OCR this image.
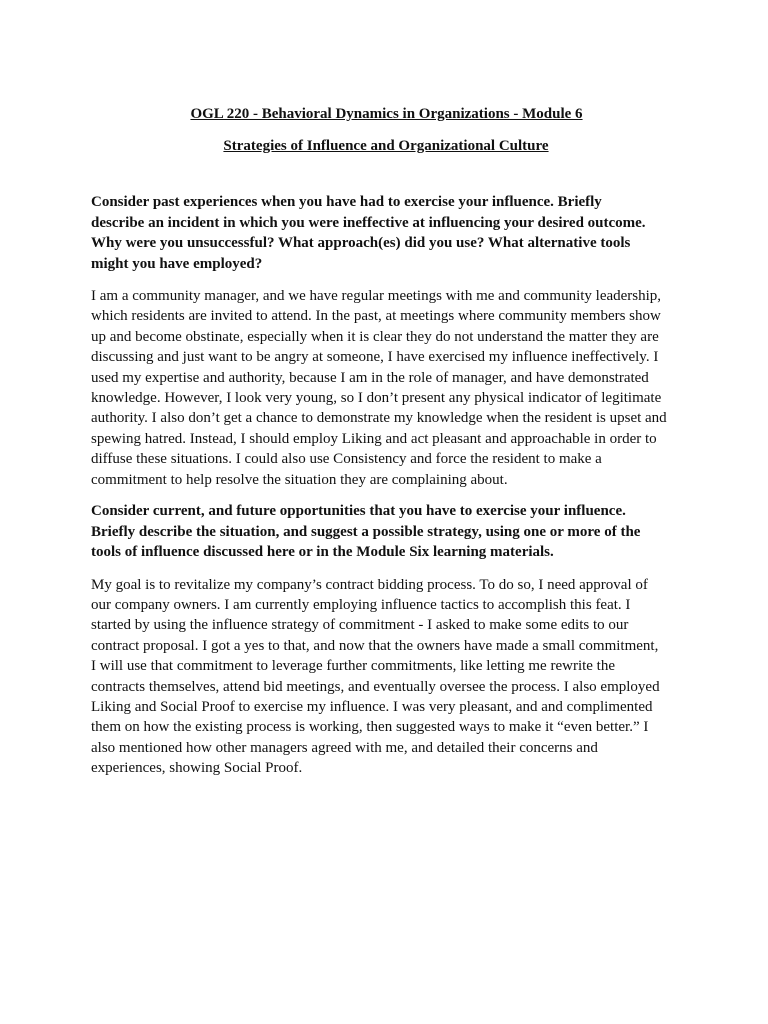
OGL 220 - Behavioral Dynamics in Organizations - Module 6

Strategies of Influence and Organizational Culture

Consider past experiences when you have had to exercise your influence. Briefly describe an incident in which you were ineffective at influencing your desired outcome. Why were you unsuccessful? What approach(es) did you use? What alternative tools might you have employed?

I am a community manager, and we have regular meetings with me and community leadership, which residents are invited to attend. In the past, at meetings where community members show up and become obstinate, especially when it is clear they do not understand the matter they are discussing and just want to be angry at someone, I have exercised my influence ineffectively. I used my expertise and authority, because I am in the role of manager, and have demonstrated knowledge. However, I look very young, so I don’t present any physical indicator of legitimate authority. I also don’t get a chance to demonstrate my knowledge when the resident is upset and spewing hatred. Instead, I should employ Liking and act pleasant and approachable in order to diffuse these situations. I could also use Consistency and force the resident to make a commitment to help resolve the situation they are complaining about.

Consider current, and future opportunities that you have to exercise your influence. Briefly describe the situation, and suggest a possible strategy, using one or more of the tools of influence discussed here or in the Module Six learning materials.

My goal is to revitalize my company’s contract bidding process. To do so, I need approval of our company owners. I am currently employing influence tactics to accomplish this feat. I started by using the influence strategy of commitment - I asked to make some edits to our contract proposal. I got a yes to that, and now that the owners have made a small commitment, I will use that commitment to leverage further commitments, like letting me rewrite the contracts themselves, attend bid meetings, and eventually oversee the process. I also employed Liking and Social Proof to exercise my influence. I was very pleasant, and and complimented them on how the existing process is working, then suggested ways to make it “even better.” I also mentioned how other managers agreed with me, and detailed their concerns and experiences, showing Social Proof.
